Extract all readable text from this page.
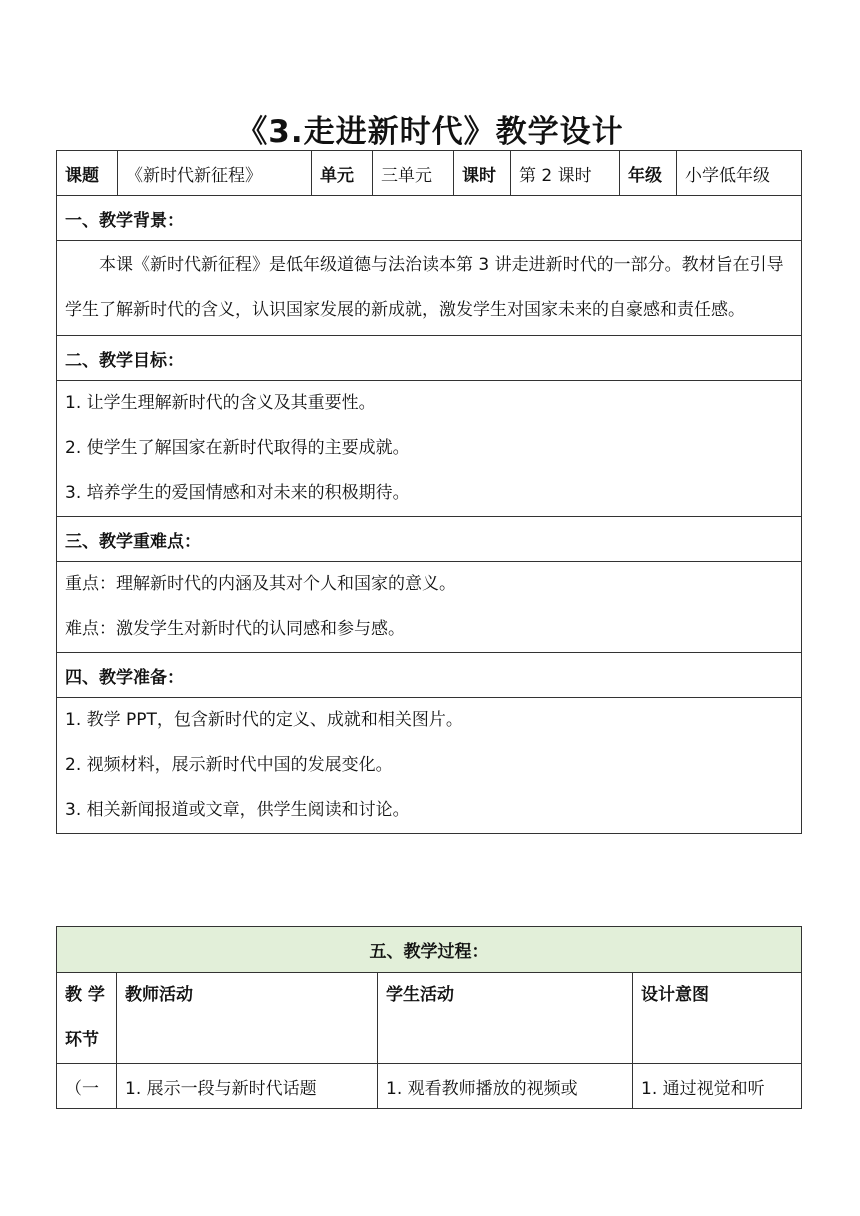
《3.走进新时代》教学设计
课题	《新时代新征程》	单元	三单元	课时	第 2 课时	年级	小学低年级
一、教学背景：
本课《新时代新征程》是低年级道德与法治读本第 3 讲走进新时代的一部分。教材旨在引导学生了解新时代的含义，认识国家发展的新成就，激发学生对国家未来的自豪感和责任感。
二、教学目标：

1. 让学生理解新时代的含义及其重要性。
2. 使学生了解国家在新时代取得的主要成就。
3. 培养学生的爱国情感和对未来的积极期待。

三、教学重难点：

重点：理解新时代的内涵及其对个人和国家的意义。
难点：激发学生对新时代的认同感和参与感。

四、教学准备：

1. 教学 PPT，包含新时代的定义、成就和相关图片。
2. 视频材料，展示新时代中国的发展变化。
3. 相关新闻报道或文章，供学生阅读和讨论。
五、教学过程：			
教 学 环节	教师活动	学生活动	设计意图
（一	1. 展示一段与新时代话题	1. 观看教师播放的视频或	1. 通过视觉和听
